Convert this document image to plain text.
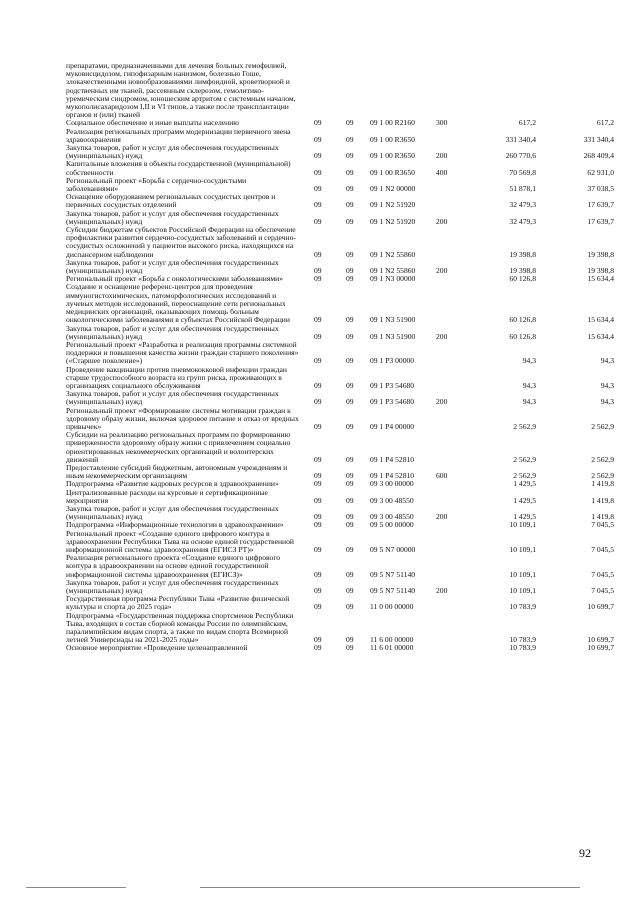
препаратами, предназначенными для лечения больных гемофилией, муковисцидозом, гипофизарным нанизмом, болезнью Гоше, злокачественными новообразованиями лимфоидной, кроветворной и родственных им тканей, рассеянным склерозом, гемолитико-уремическим синдромом, юношеским артритом с системным началом, мукополисахаридозом I,II и VI типов, а также после трансплантации органов и (или) тканей						
Социальное обеспечение и иные выплаты населению	09	09	09 1 00 R2160	300	617,2	617,2
Реализация региональных программ модернизации первичного звена здравоохранения	09	09	09 1 00 R3650		331 340,4	331 340,4
Закупка товаров, работ и услуг для обеспечения государственных (муниципальных) нужд	09	09	09 1 00 R3650	200	260 770,6	268 409,4
Капитальные вложения в объекты государственной (муниципальной) собственности	09	09	09 1 00 R3650	400	70 569,8	62 931,0
Региональный проект «Борьба с сердечно-сосудистыми заболеваниями»	09	09	09 1 N2 00000		51 878,1	37 038,5
Оснащение оборудованием региональных сосудистых центров и первичных сосудистых отделений	09	09	09 1 N2 51920		32 479,3	17 639,7
Закупка товаров, работ и услуг для обеспечения государственных (муниципальных) нужд	09	09	09 1 N2 51920	200	32 479,3	17 639,7
Субсидии бюджетам субъектов Российской Федерации на обеспечение профилактики развития сердечно-сосудистых заболеваний и сердечно-сосудистых осложнений у пациентов высокого риска, находящихся на диспансерном наблюдении	09	09	09 1 N2 55860		19 398,8	19 398,8
Закупка товаров, работ и услуг для обеспечения государственных (муниципальных) нужд	09	09	09 1 N2 55860	200	19 398,8	19 398,8
Региональный проект «Борьба с онкологическими заболеваниями»	09	09	09 1 N3 00000		60 126,8	15 634,4
Создание и оснащение референс-центров для проведения иммуногистохимических, патоморфологических исследований и лучевых методов исследований, переоснащение сети региональных медицинских организаций, оказывающих помощь больным онкологическими заболеваниями в субъектах Российской Федерации	09	09	09 1 N3 51900		60 126,8	15 634,4
Закупка товаров, работ и услуг для обеспечения государственных (муниципальных) нужд	09	09	09 1 N3 51900	200	60 126,8	15 634,4
Региональный проект «Разработка и реализация программы системной поддержки и повышения качества жизни граждан старшего поколения» («Старшее поколение»)	09	09	09 1 P3 00000		94,3	94,3
Проведение вакцинации против пневмококковой инфекции граждан старше трудоспособного возраста из групп риска, проживающих в организациях социального обслуживания	09	09	09 1 P3 54680		94,3	94,3
Закупка товаров, работ и услуг для обеспечения государственных (муниципальных) нужд	09	09	09 1 P3 54680	200	94,3	94,3
Региональный проект «Формирование системы мотивации граждан к здоровому образу жизни, включая здоровое питание и отказ от вредных привычек»	09	09	09 1 P4 00000		2 562,9	2 562,9
Субсидии на реализацию региональных программ по формированию приверженности здоровому образу жизни с привлечением социально ориентированных некоммерческих организаций и волонтерских движений	09	09	09 1 P4 52810		2 562,9	2 562,9
Предоставление субсидий бюджетным, автономным учреждениям и иным некоммерческим организациям	09	09	09 1 P4 52810	600	2 562,9	2 562,9
Подпрограмма «Развитие кадровых ресурсов в здравоохранении»	09	09	09 3 00 00000		1 429,5	1 419,8
Централизованные расходы на курсовые и сертификационные мероприятия	09	09	09 3 00 48550		1 429,5	1 419,8
Закупка товаров, работ и услуг для обеспечения государственных (муниципальных) нужд	09	09	09 3 00 48550	200	1 429,5	1 419,8
Подпрограмма «Информационные технологии в здравоохранении»	09	09	09 5 00 00000		10 109,1	7 045,5
Региональный проект «Создание единого цифрового контура в здравоохранении Республики Тыва на основе единой государственной информационной системы здравоохранения (ЕГИСЗ РТ)»	09	09	09 5 N7 00000		10 109,1	7 045,5
Реализация регионального проекта «Создание единого цифрового контура в здравоохранении на основе единой государственной информационной системы здравоохранения (ЕГИСЗ)»	09	09	09 5 N7 51140		10 109,1	7 045,5
Закупка товаров, работ и услуг для обеспечения государственных (муниципальных) нужд	09	09	09 5 N7 51140	200	10 109,1	7 045,5
Государственная программа Республики Тыва «Развитие физической культуры и спорта до 2025 года»	09	09	11 0 00 00000		10 783,9	10 699,7
Подпрограмма «Государственная поддержка спортсменов Республики Тыва, входящих в состав сборной команды России по олимпийским, паралимпийским видам спорта, а также по видам спорта Всемирной летней Универсиады на 2021-2025 годы»	09	09	11 6 00 00000		10 783,9	10 699,7
Основное мероприятие «Проведение целенаправленной	09	09	11 6 01 00000		10 783,9	10 699,7
92
